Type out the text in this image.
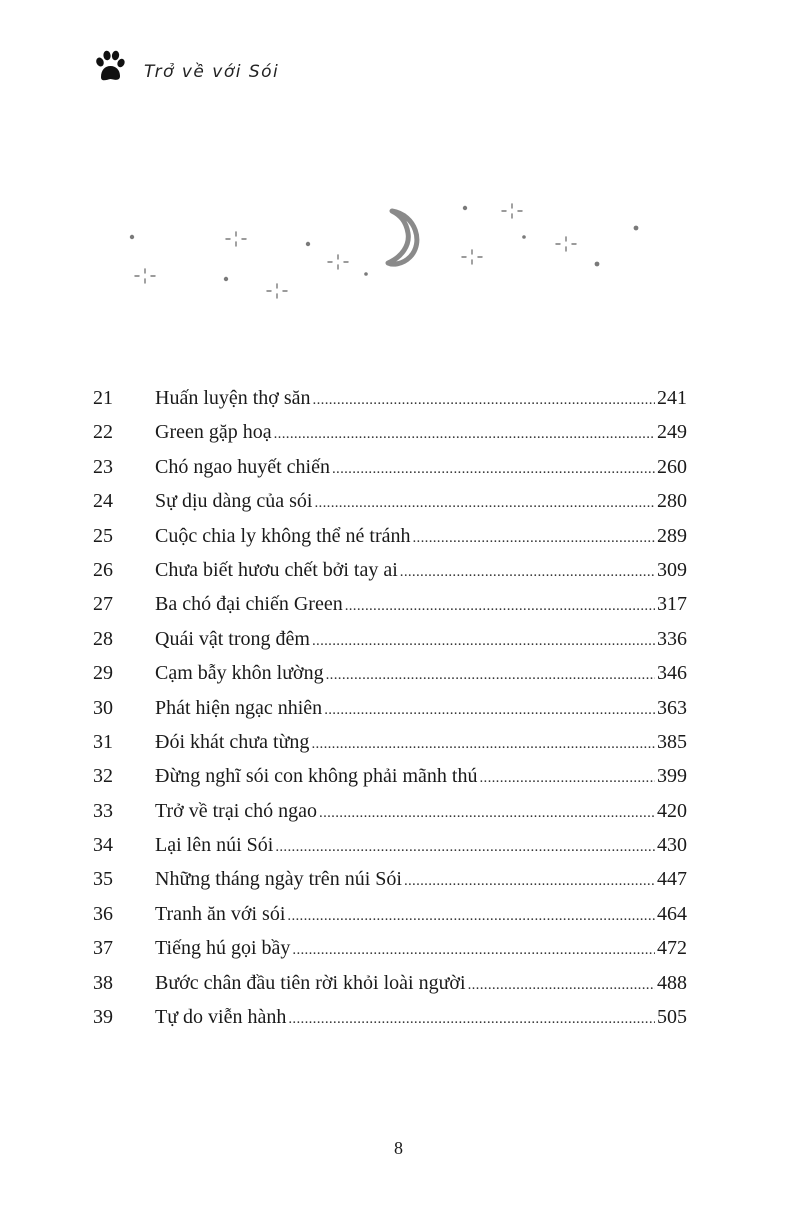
Trở về với Sói
21	Huấn luyện thợ săn .....	241
22	Green gặp hoạ .....	249
23	Chó ngao huyết chiến .....	260
24	Sự dịu dàng của sói .....	280
25	Cuộc chia ly không thể né tránh .....	289
26	Chưa biết hươu chết bởi tay ai .....	309
27	Ba chó đại chiến Green .....	317
28	Quái vật trong đêm .....	336
29	Cạm bẫy khôn lường .....	346
30	Phát hiện ngạc nhiên .....	363
31	Đói khát chưa từng .....	385
32	Đừng nghĩ sói con không phải mãnh thú .....	399
33	Trở về trại chó ngao .....	420
34	Lại lên núi Sói .....	430
35	Những tháng ngày trên núi Sói .....	447
36	Tranh ăn với sói .....	464
37	Tiếng hú gọi bầy .....	472
38	Bước chân đầu tiên rời khỏi loài người .....	488
39	Tự do viễn hành .....	505
8
